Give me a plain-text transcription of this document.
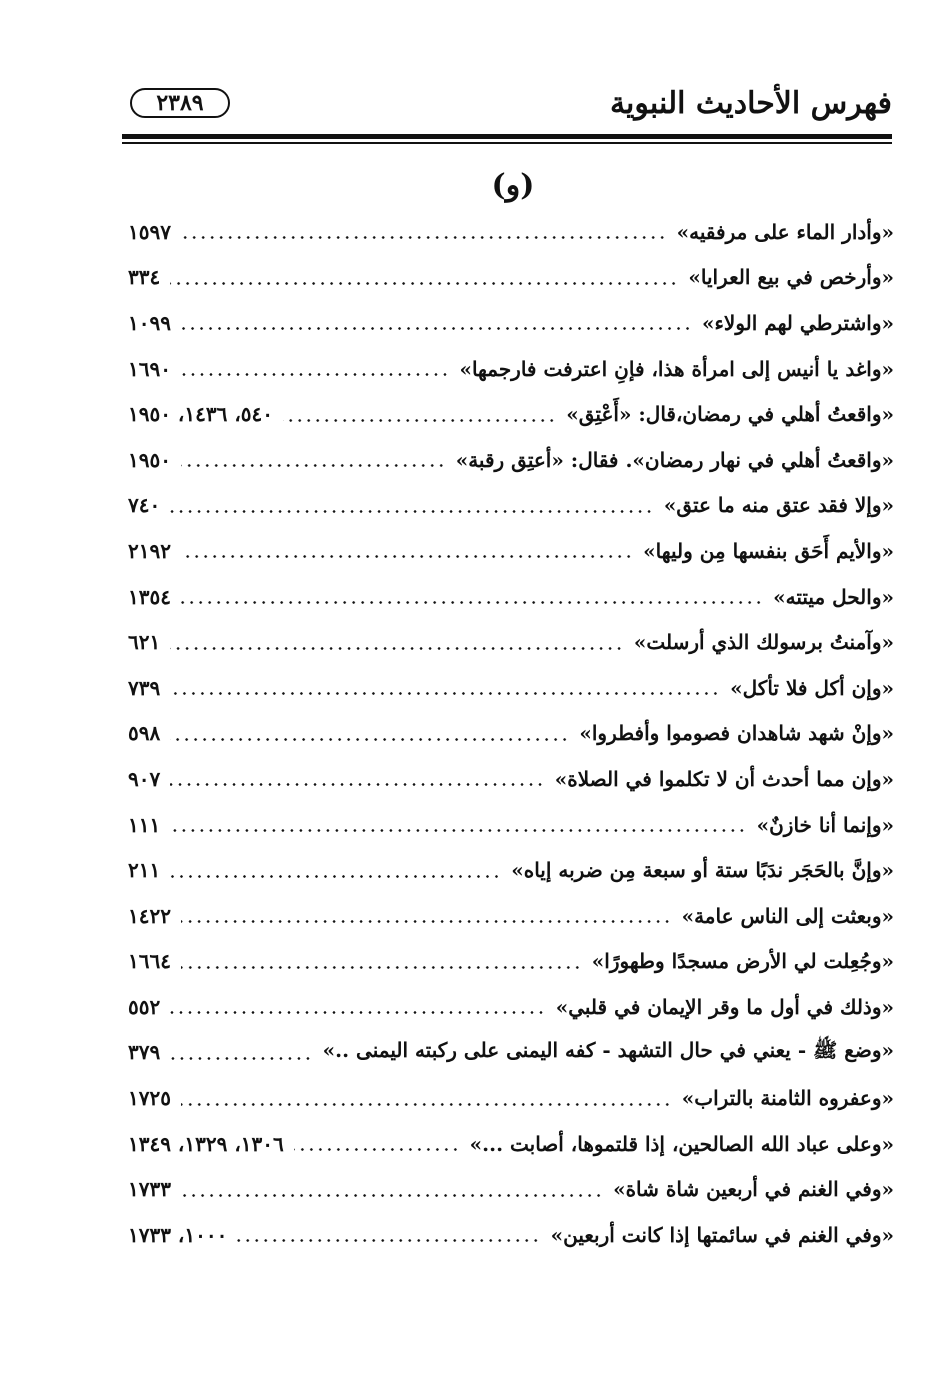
فهرس الأحاديث النبوية
٢٣٨٩
(و)
«وأدار الماء على مرفقيه»
١٥٩٧
«وأرخص في بيع العرايا»
٣٣٤
«واشترطي لهم الولاء»
١٠٩٩
«واغد يا أنيس إلى امرأة هذا، فإنِ اعترفت فارجمها»
١٦٩٠
«واقعتُ أهلي في رمضان،قال: «أَعْتِق»
٥٤٠، ١٤٣٦، ١٩٥٠
«واقعتُ أهلي في نهار رمضان». فقال: «أعتِق رقبة»
١٩٥٠
«وإلا فقد عتق منه ما عتق»
٧٤٠
«والأيم أَحَق بنفسها مِن وليها»
٢١٩٢
«والحل ميتته»
١٣٥٤
«وآمنتُ برسولك الذي أرسلت»
٦٢١
«وإن أكل فلا تأكل»
٧٣٩
«وإنْ شهد شاهدان فصوموا وأفطروا»
٥٩٨
«وإن مما أحدث أن لا تكلموا في الصلاة»
٩٠٧
«وإنما أنا خازنٌ»
١١١
«وإنَّ بالحَجَر ندَبًا ستة أو سبعة مِن ضربه إياه»
٢١١
«وبعثت إلى الناس عامة»
١٤٢٢
«وجُعِلت لي الأرض مسجدًا وطهورًا»
١٦٦٤
«وذلك في أول ما وقر الإيمان في قلبي»
٥٥٢
«وضع ﷺ - يعني في حال التشهد - كفه اليمنى على ركبته اليمنى ..»
٣٧٩
«وعفروه الثامنة بالتراب»
١٧٢٥
«وعلى عباد الله الصالحين، إذا قلتموها، أصابت ...»
١٣٠٦، ١٣٢٩، ١٣٤٩
«وفي الغنم في أربعين شاة شاة»
١٧٣٣
«وفي الغنم في سائمتها إذا كانت أربعين»
١٠٠٠، ١٧٣٣
